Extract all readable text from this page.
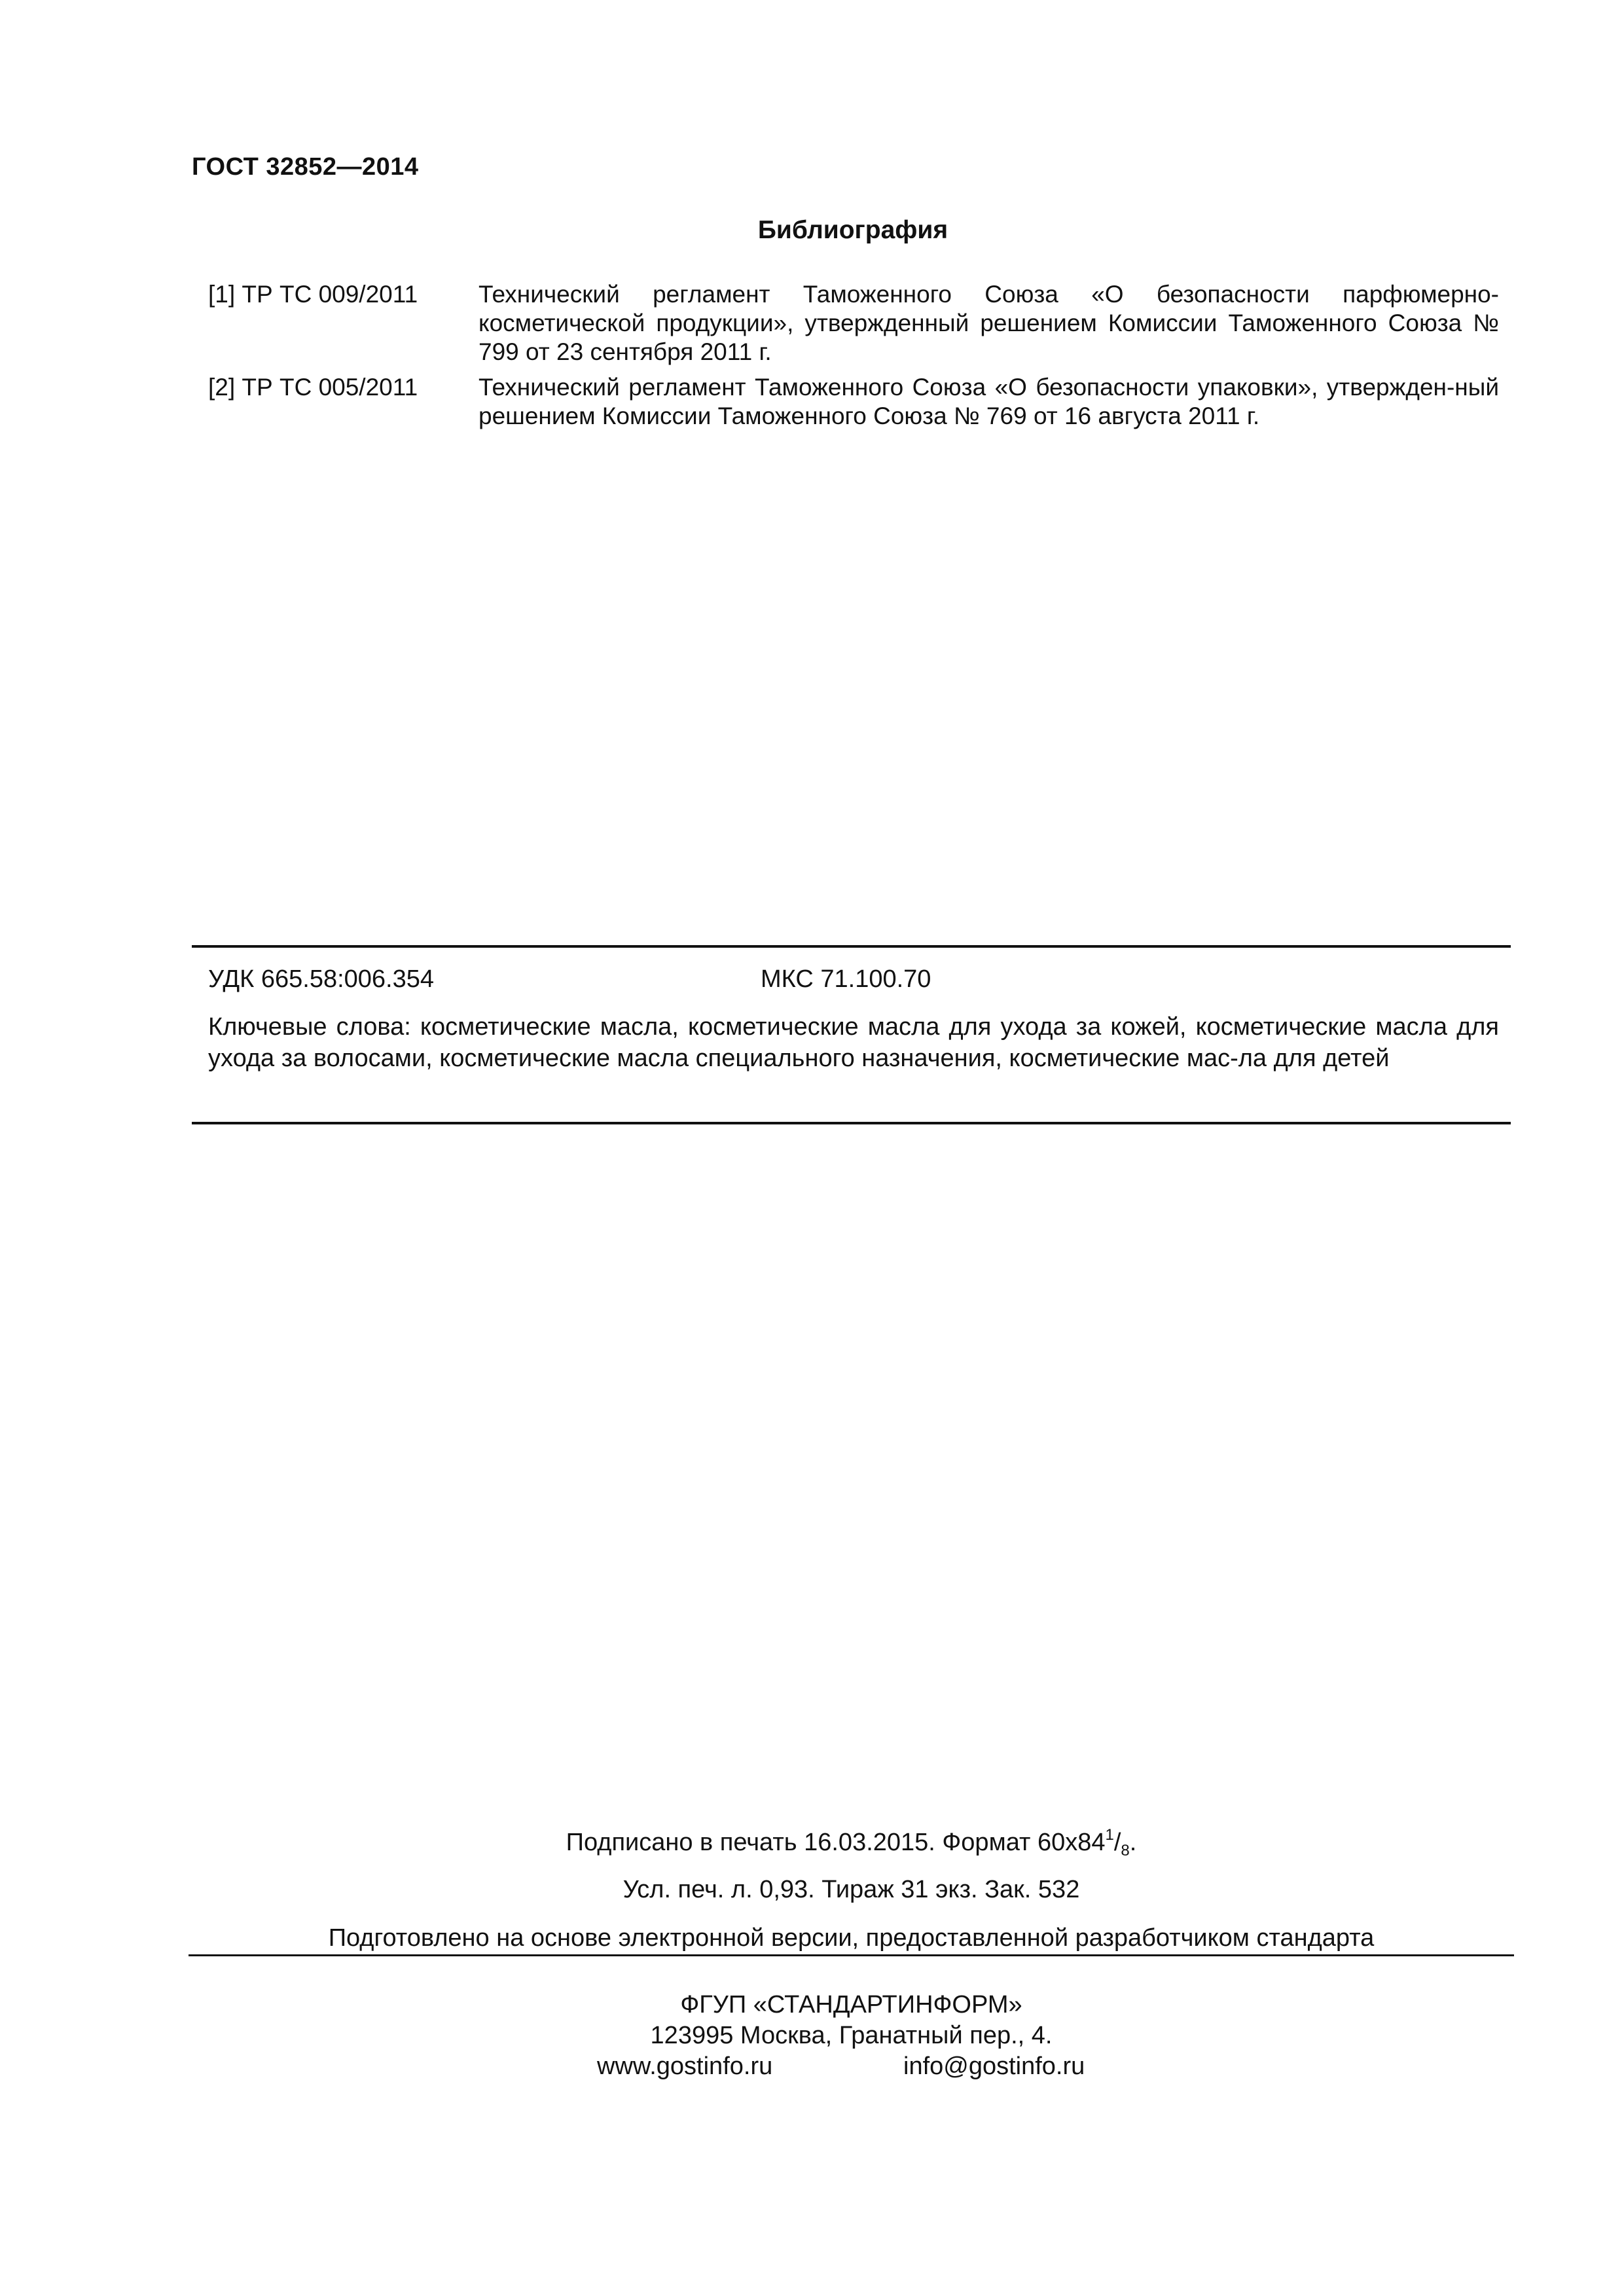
ГОСТ 32852—2014
Библиография
[1] ТР ТС 009/2011	Технический регламент Таможенного Союза «О безопасности парфюмерно-косметической продукции», утвержденный решением Комиссии Таможенного Союза № 799 от 23 сентября 2011 г.
[2] ТР ТС 005/2011	Технический регламент Таможенного Союза «О безопасности упаковки», утвержден-ный решением Комиссии Таможенного Союза № 769 от 16 августа 2011 г.
УДК 665.58:006.354	МКС 71.100.70
Ключевые слова: косметические масла, косметические масла для ухода за кожей, косметические масла для ухода за волосами, косметические масла специального назначения, косметические мас-ла для детей
Подписано в печать 16.03.2015. Формат $60х84^1/_8$.
Усл. печ. л. 0,93. Тираж 31 экз. Зак. 532
Подготовлено на основе электронной версии, предоставленной разработчиком стандарта
ФГУП «СТАНДАРТИНФОРМ»
123995 Москва, Гранатный пер., 4.
www.gostinfo.ru	info@gostinfo.ru
